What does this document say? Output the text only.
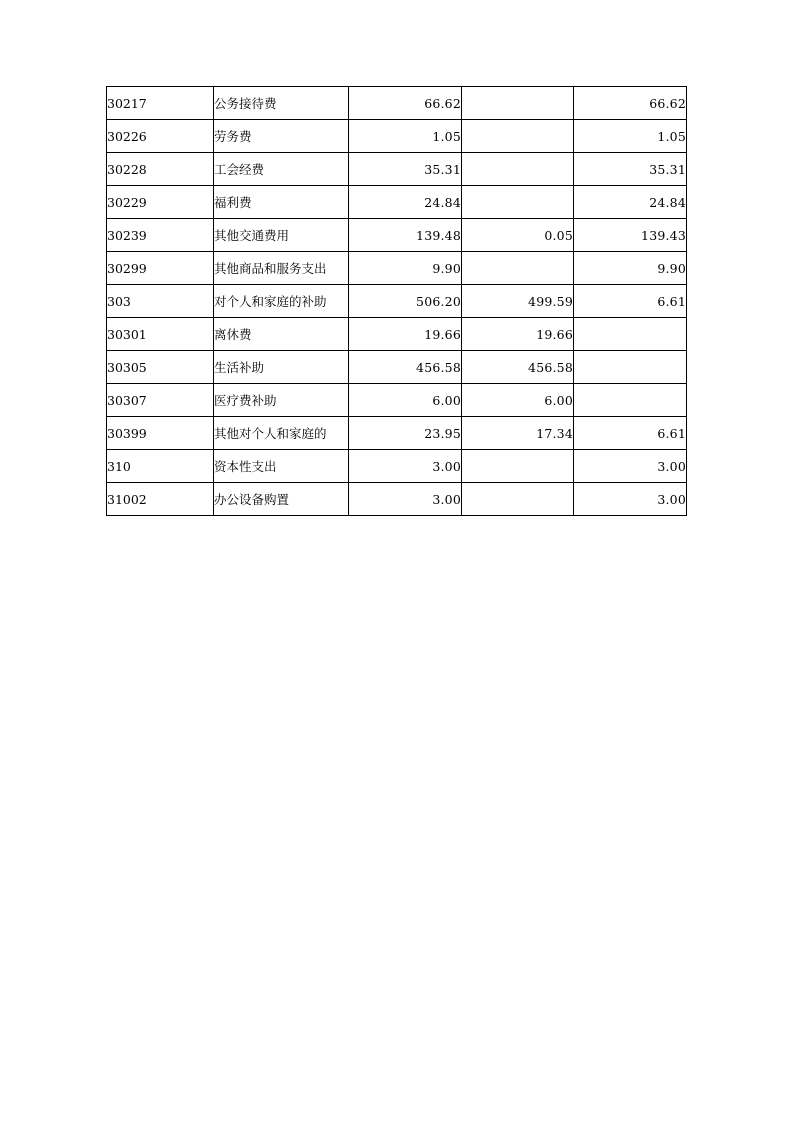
30217	公务接待费	66.62		66.62
30226	劳务费	1.05		1.05
30228	工会经费	35.31		35.31
30229	福利费	24.84		24.84
30239	其他交通费用	139.48	0.05	139.43
30299	其他商品和服务支出	9.90		9.90
303	对个人和家庭的补助	506.20	499.59	6.61
30301	离休费	19.66	19.66	
30305	生活补助	456.58	456.58	
30307	医疗费补助	6.00	6.00	
30399	其他对个人和家庭的	23.95	17.34	6.61
310	资本性支出	3.00		3.00
31002	办公设备购置	3.00		3.00
